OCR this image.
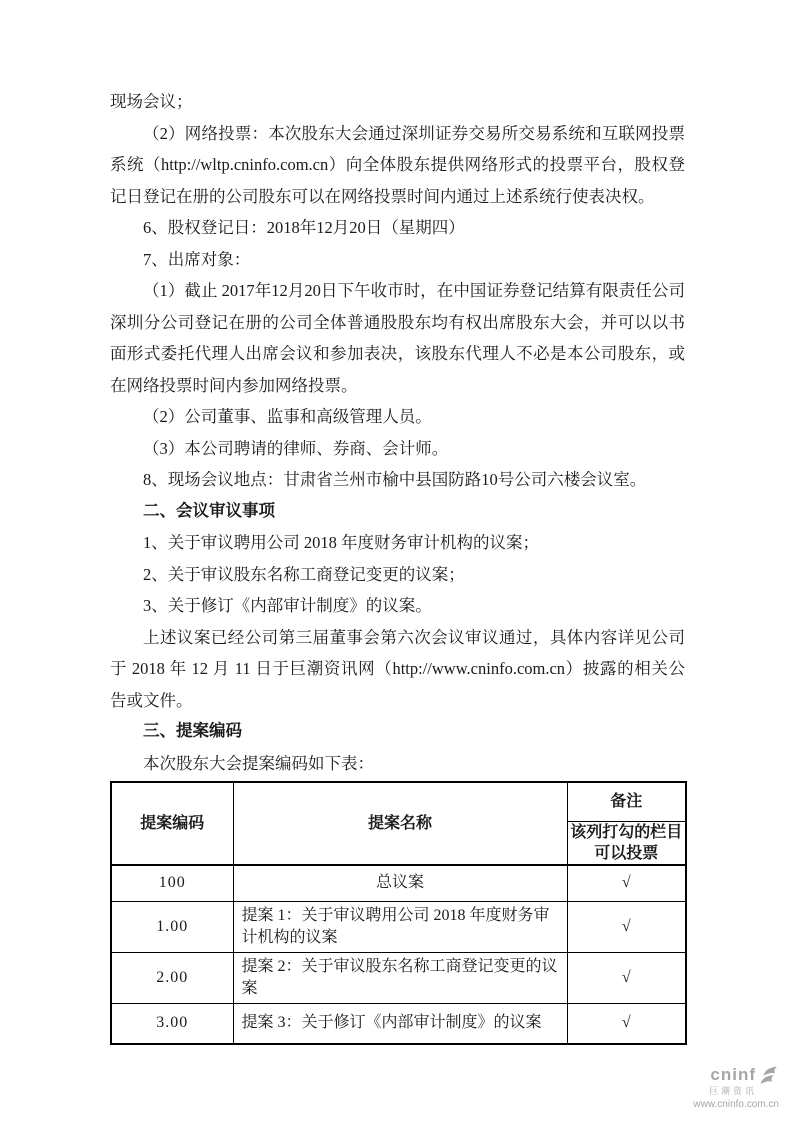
现场会议；

（2）网络投票：本次股东大会通过深圳证券交易所交易系统和互联网投票系统（http://wltp.cninfo.com.cn）向全体股东提供网络形式的投票平台，股权登记日登记在册的公司股东可以在网络投票时间内通过上述系统行使表决权。

6、股权登记日：2018年12月20日（星期四）

7、出席对象：

（1）截止 2017年12月20日下午收市时，在中国证券登记结算有限责任公司深圳分公司登记在册的公司全体普通股股东均有权出席股东大会，并可以以书面形式委托代理人出席会议和参加表决，该股东代理人不必是本公司股东，或在网络投票时间内参加网络投票。

（2）公司董事、监事和高级管理人员。

（3）本公司聘请的律师、券商、会计师。

8、现场会议地点：甘肃省兰州市榆中县国防路10号公司六楼会议室。

二、会议审议事项

1、关于审议聘用公司 2018 年度财务审计机构的议案；

2、关于审议股东名称工商登记变更的议案；

3、关于修订《内部审计制度》的议案。

上述议案已经公司第三届董事会第六次会议审议通过，具体内容详见公司于 2018 年 12 月 11 日于巨潮资讯网（http://www.cninfo.com.cn）披露的相关公告或文件。

三、提案编码

本次股东大会提案编码如下表：

提案编码	提案名称	备注
		该列打勾的栏目可以投票
100	总议案	√
1.00	提案 1：关于审议聘用公司 2018 年度财务审计机构的议案	√
2.00	提案 2：关于审议股东名称工商登记变更的议案	√
3.00	提案 3：关于修订《内部审计制度》的议案	√
cninf
巨潮资讯
www.cninfo.com.cn
